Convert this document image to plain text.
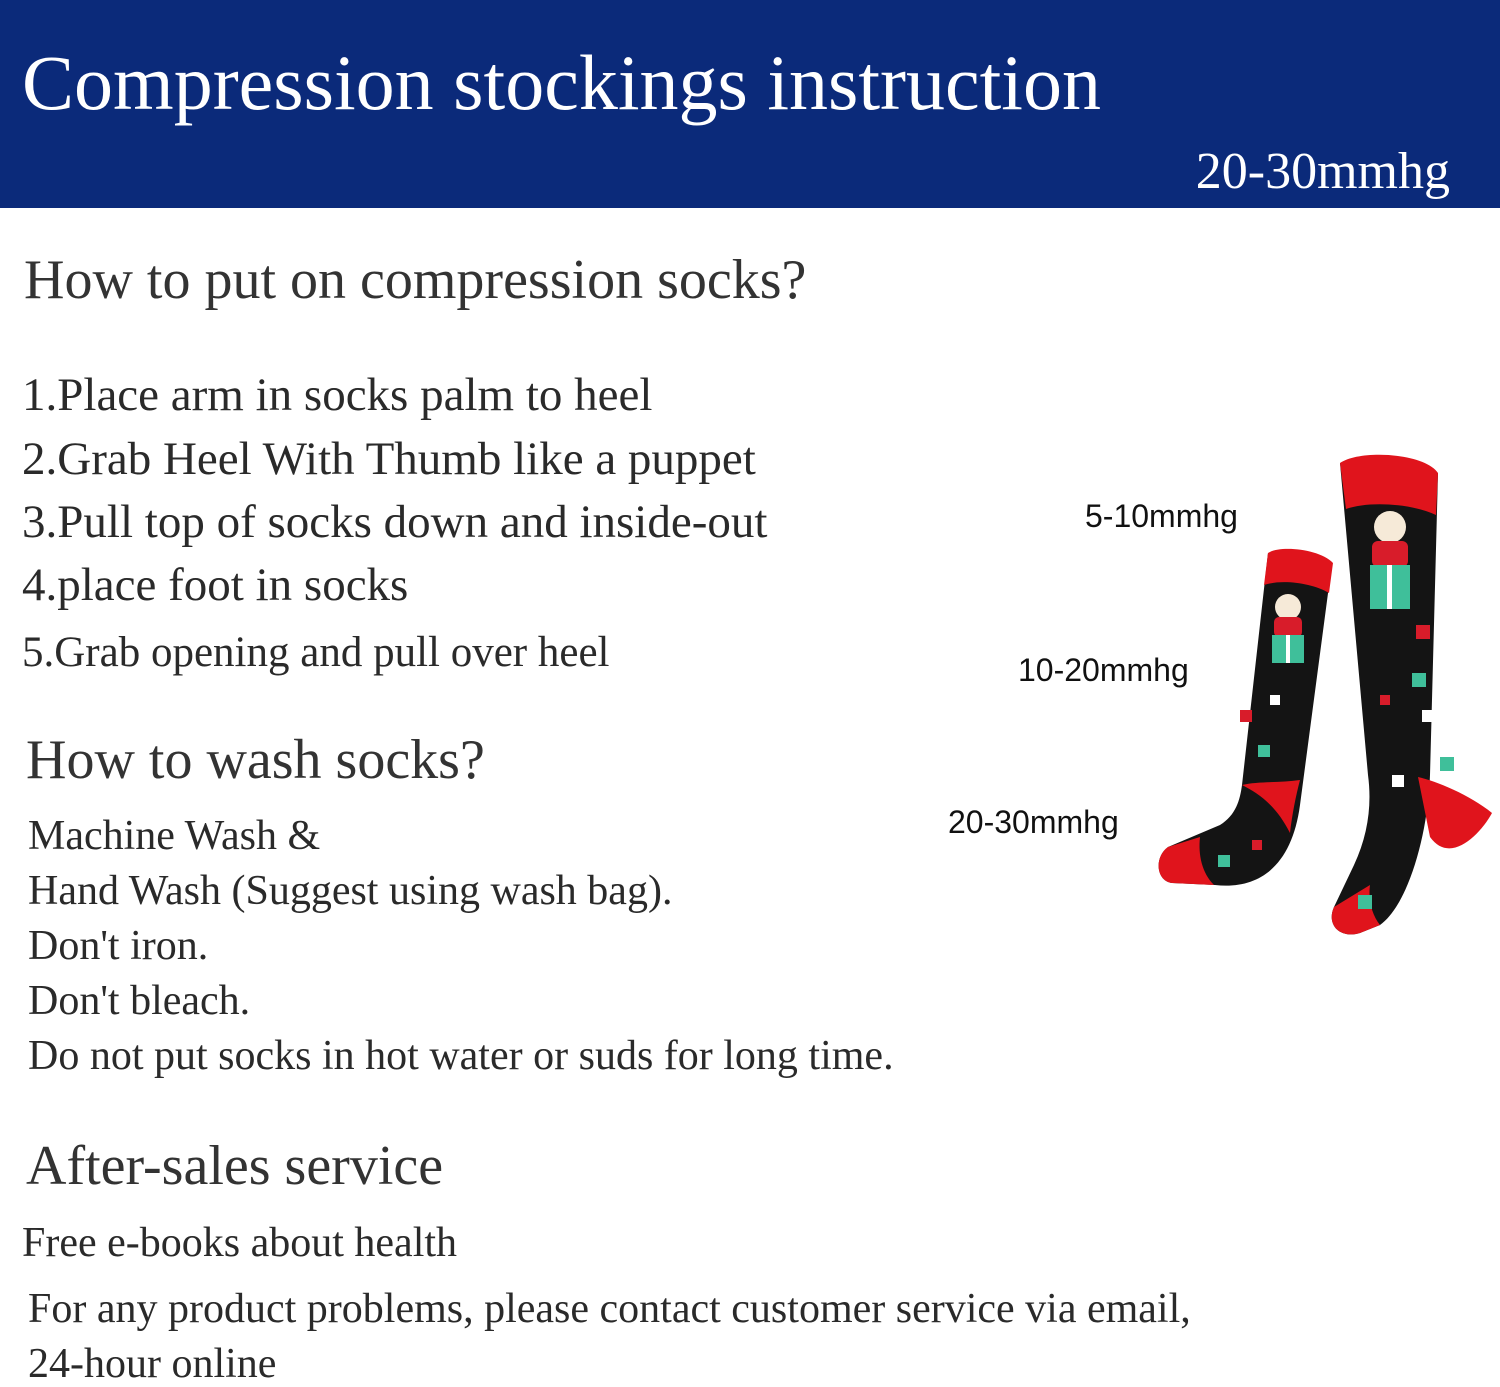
Compression stockings instruction
20-30mmhg
How to put on compression socks?
1.Place arm in socks palm to heel
2.Grab Heel With Thumb like a puppet
3.Pull top of socks down and inside-out
4.place foot in socks
5.Grab opening and pull over heel
How to wash socks?
Machine Wash &
Hand Wash (Suggest using wash bag).
Don't iron.
Don't bleach.
Do not put socks in hot water or suds for long time.
After-sales service
Free e-books about health
For any product problems, please contact customer service via email,
24-hour online
5-10mmhg
10-20mmhg
20-30mmhg
